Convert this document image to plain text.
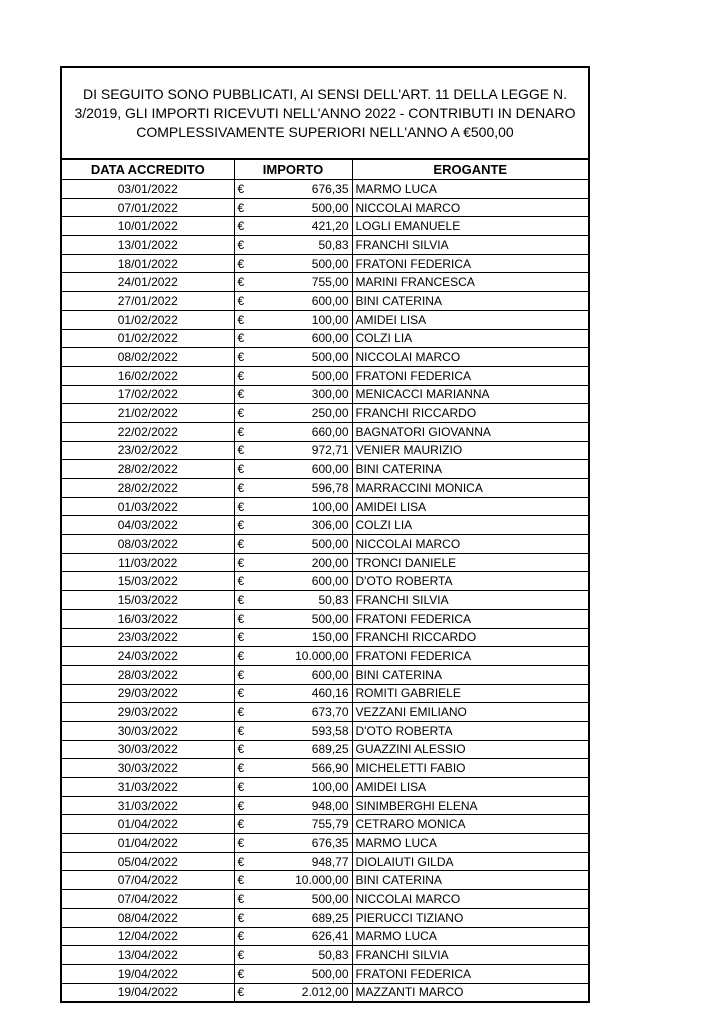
DI SEGUITO SONO PUBBLICATI, AI SENSI DELL'ART. 11 DELLA LEGGE N. 3/2019, GLI IMPORTI RICEVUTI NELL'ANNO 2022 - CONTRIBUTI IN DENARO COMPLESSIVAMENTE SUPERIORI NELL'ANNO A €500,00
DATA ACCREDITO	IMPORTO		EROGANTE
03/01/2022	€	676,35	MARMO LUCA
07/01/2022	€	500,00	NICCOLAI MARCO
10/01/2022	€	421,20	LOGLI EMANUELE
13/01/2022	€	50,83	FRANCHI SILVIA
18/01/2022	€	500,00	FRATONI FEDERICA
24/01/2022	€	755,00	MARINI FRANCESCA
27/01/2022	€	600,00	BINI CATERINA
01/02/2022	€	100,00	AMIDEI LISA
01/02/2022	€	600,00	COLZI LIA
08/02/2022	€	500,00	NICCOLAI MARCO
16/02/2022	€	500,00	FRATONI FEDERICA
17/02/2022	€	300,00	MENICACCI MARIANNA
21/02/2022	€	250,00	FRANCHI RICCARDO
22/02/2022	€	660,00	BAGNATORI GIOVANNA
23/02/2022	€	972,71	VENIER MAURIZIO
28/02/2022	€	600,00	BINI CATERINA
28/02/2022	€	596,78	MARRACCINI MONICA
01/03/2022	€	100,00	AMIDEI LISA
04/03/2022	€	306,00	COLZI LIA
08/03/2022	€	500,00	NICCOLAI MARCO
11/03/2022	€	200,00	TRONCI DANIELE
15/03/2022	€	600,00	D'OTO ROBERTA
15/03/2022	€	50,83	FRANCHI SILVIA
16/03/2022	€	500,00	FRATONI FEDERICA
23/03/2022	€	150,00	FRANCHI RICCARDO
24/03/2022	€	10.000,00	FRATONI FEDERICA
28/03/2022	€	600,00	BINI CATERINA
29/03/2022	€	460,16	ROMITI GABRIELE
29/03/2022	€	673,70	VEZZANI EMILIANO
30/03/2022	€	593,58	D'OTO ROBERTA
30/03/2022	€	689,25	GUAZZINI ALESSIO
30/03/2022	€	566,90	MICHELETTI FABIO
31/03/2022	€	100,00	AMIDEI LISA
31/03/2022	€	948,00	SINIMBERGHI ELENA
01/04/2022	€	755,79	CETRARO MONICA
01/04/2022	€	676,35	MARMO LUCA
05/04/2022	€	948,77	DIOLAIUTI GILDA
07/04/2022	€	10.000,00	BINI CATERINA
07/04/2022	€	500,00	NICCOLAI MARCO
08/04/2022	€	689,25	PIERUCCI TIZIANO
12/04/2022	€	626,41	MARMO LUCA
13/04/2022	€	50,83	FRANCHI SILVIA
19/04/2022	€	500,00	FRATONI FEDERICA
19/04/2022	€	2.012,00	MAZZANTI MARCO
